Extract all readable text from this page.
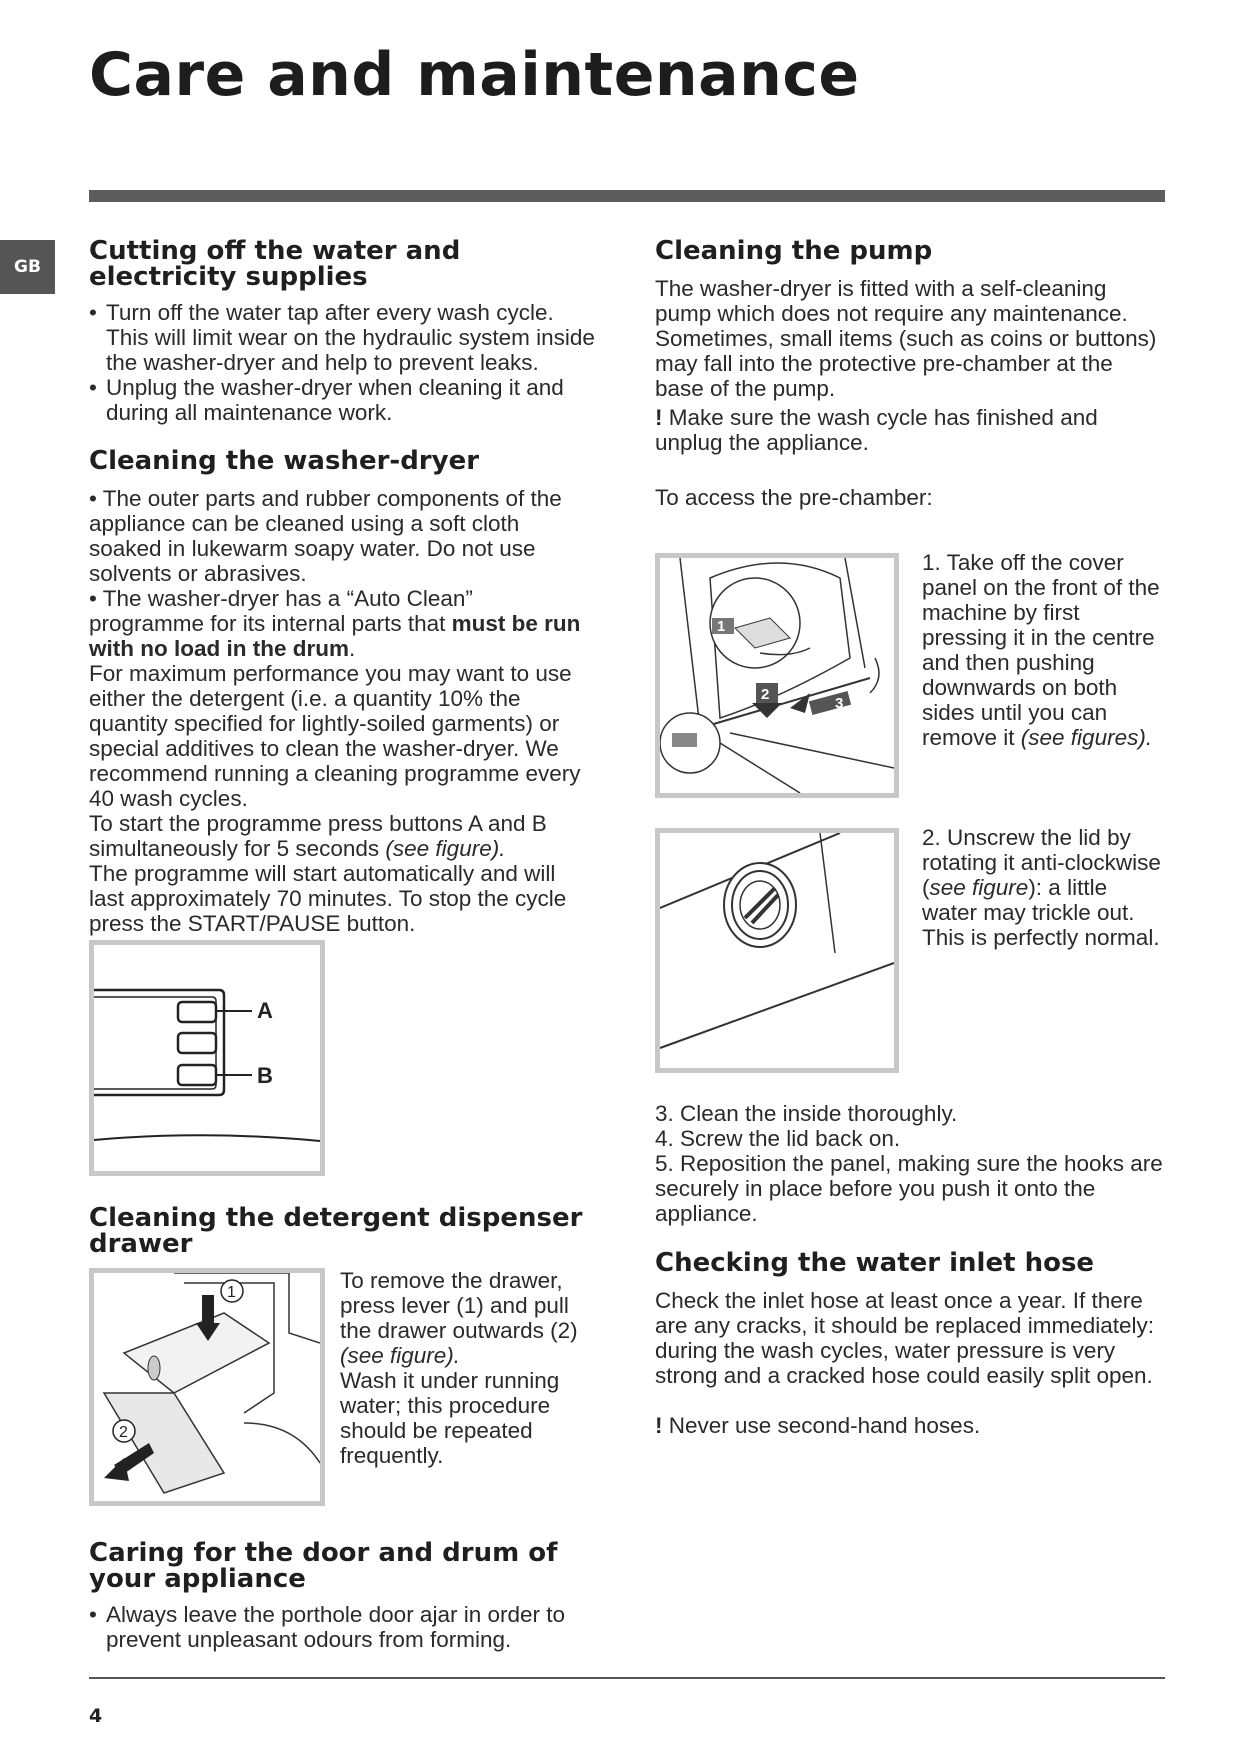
Care and maintenance
GB
Cutting off the water and electricity supplies
• Turn off the water tap after every wash cycle. This will limit wear on the hydraulic system inside the washer-dryer and help to prevent leaks.
• Unplug the washer-dryer when cleaning it and during all maintenance work.
Cleaning the washer-dryer

• The outer parts and rubber components of the appliance can be cleaned using a soft cloth soaked in lukewarm soapy water. Do not use solvents or abrasives.

• The washer-dryer has a “Auto Clean” programme for its internal parts that must be run with no load in the drum.

For maximum performance you may want to use either the detergent (i.e. a quantity 10% the quantity specified for lightly-soiled garments) or special additives to clean the washer-dryer. We recommend running a cleaning programme every 40 wash cycles.

To start the programme press buttons A and B simultaneously for 5 seconds (see figure).

The programme will start automatically and will last approximately 70 minutes. To stop the cycle press the START/PAUSE button.

A
B
Cleaning the detergent dispenser drawer
1
2

To remove the drawer, press lever (1) and pull the drawer outwards (2) (see figure).

Wash it under running water; this procedure should be repeated frequently.

Caring for the door and drum of your appliance
• Always leave the porthole door ajar in order to prevent unpleasant odours from forming.
Cleaning the pump

The washer-dryer is fitted with a self-cleaning pump which does not require any maintenance. Sometimes, small items (such as coins or buttons) may fall into the protective pre-chamber at the base of the pump.

! Make sure the wash cycle has finished and unplug the appliance.

To access the pre-chamber:

1
2
3

1. Take off the cover panel on the front of the machine by first pressing it in the centre and then pushing downwards on both sides until you can remove it (see figures).

2. Unscrew the lid by rotating it anti-clockwise (see figure): a little water may trickle out. This is perfectly normal.

3. Clean the inside thoroughly.

4. Screw the lid back on.

5. Reposition the panel, making sure the hooks are securely in place before you push it onto the appliance.

Checking the water inlet hose

Check the inlet hose at least once a year. If there are any cracks, it should be replaced immediately: during the wash cycles, water pressure is very strong and a cracked hose could easily split open.

! Never use second-hand hoses.

4
